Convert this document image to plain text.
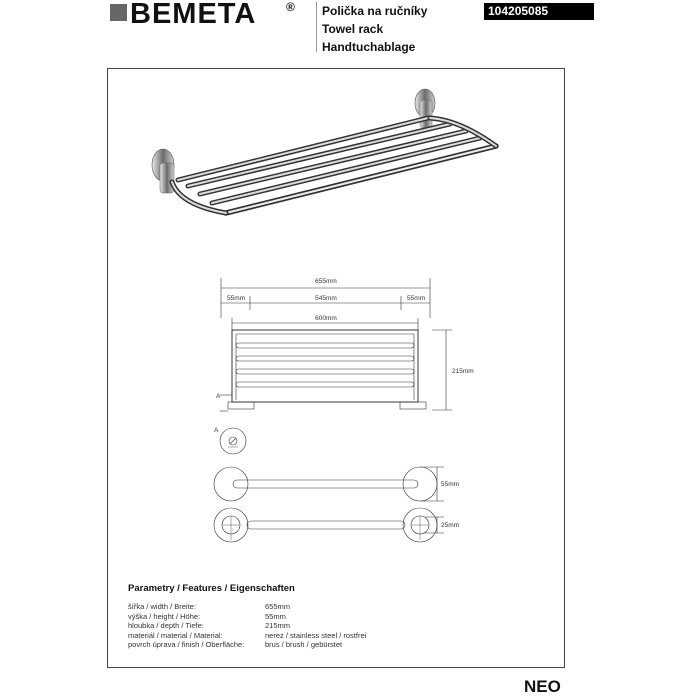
BEMETA ® Polička na ručníky
Towel rack
Handtuchablage
104205085
655mm
55mm	545mm	55mm
600mm
215mm
A
A
55mm
25mm
Parametry / Features / Eigenschaften
šířka / width / Breite:	655mm
výška / height / Höhe:	55mm
hloubka / depth / Tiefe:	215mm
materiál / material / Material:	nerez / stainless steel / rostfrei
povrch úprava / finish / Oberfläche:	brus / brush / gebürstet
NEO
